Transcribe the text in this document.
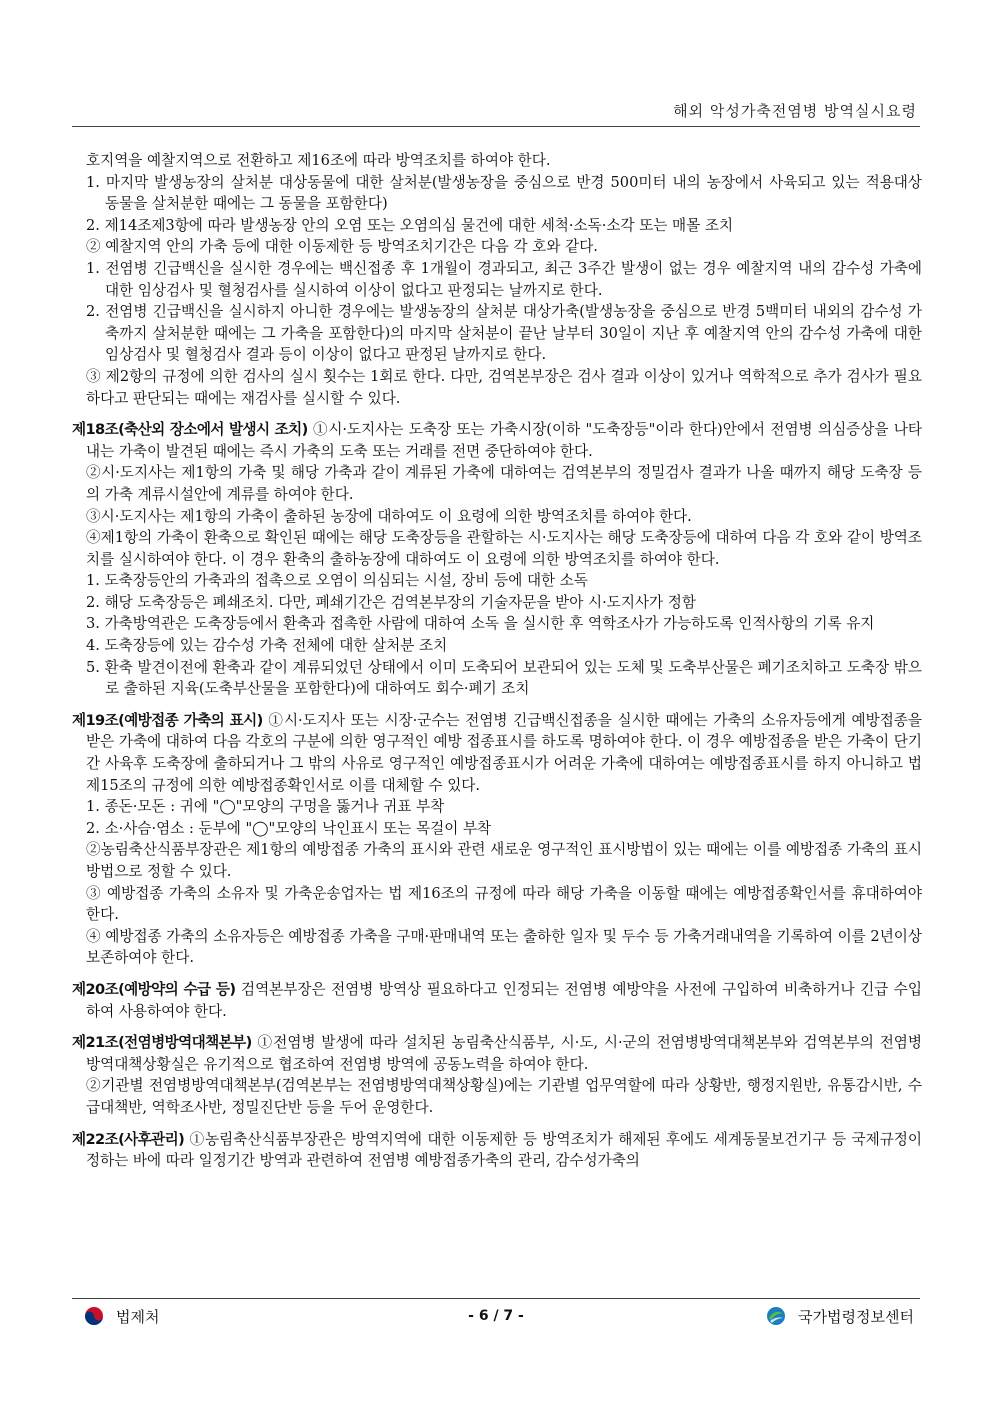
해외 악성가축전염병 방역실시요령
호지역을 예찰지역으로 전환하고 제16조에 따라 방역조치를 하여야 한다.
1. 마지막 발생농장의 살처분 대상동물에 대한 살처분(발생농장을 중심으로 반경 500미터 내의 농장에서 사육되고 있는 적용대상 동물을 살처분한 때에는 그 동물을 포함한다)
2. 제14조제3항에 따라 발생농장 안의 오염 또는 오염의심 물건에 대한 세척·소독·소각 또는 매몰 조치
② 예찰지역 안의 가축 등에 대한 이동제한 등 방역조치기간은 다음 각 호와 같다.
1. 전염병 긴급백신을 실시한 경우에는 백신접종 후 1개월이 경과되고, 최근 3주간 발생이 없는 경우 예찰지역 내의 감수성 가축에 대한 임상검사 및 혈청검사를 실시하여 이상이 없다고 판정되는 날까지로 한다.
2. 전염병 긴급백신을 실시하지 아니한 경우에는 발생농장의 살처분 대상가축(발생농장을 중심으로 반경 5백미터 내외의 감수성 가축까지 살처분한 때에는 그 가축을 포함한다)의 마지막 살처분이 끝난 날부터 30일이 지난 후 예찰지역 안의 감수성 가축에 대한 임상검사 및 혈청검사 결과 등이 이상이 없다고 판정된 날까지로 한다.
③ 제2항의 규정에 의한 검사의 실시 횟수는 1회로 한다. 다만, 검역본부장은 검사 결과 이상이 있거나 역학적으로 추가 검사가 필요하다고 판단되는 때에는 재검사를 실시할 수 있다.
제18조(축산외 장소에서 발생시 조치) ①시·도지사는 도축장 또는 가축시장(이하 "도축장등"이라 한다)안에서 전염병 의심증상을 나타내는 가축이 발견된 때에는 즉시 가축의 도축 또는 거래를 전면 중단하여야 한다.
②시·도지사는 제1항의 가축 및 해당 가축과 같이 계류된 가축에 대하여는 검역본부의 정밀검사 결과가 나올 때까지 해당 도축장 등의 가축 계류시설안에 계류를 하여야 한다.
③시·도지사는 제1항의 가축이 출하된 농장에 대하여도 이 요령에 의한 방역조치를 하여야 한다.
④제1항의 가축이 환축으로 확인된 때에는 해당 도축장등을 관할하는 시·도지사는 해당 도축장등에 대하여 다음 각 호와 같이 방역조치를 실시하여야 한다. 이 경우 환축의 출하농장에 대하여도 이 요령에 의한 방역조치를 하여야 한다.
1. 도축장등안의 가축과의 접촉으로 오염이 의심되는 시설, 장비 등에 대한 소독
2. 해당 도축장등은 폐쇄조치. 다만, 폐쇄기간은 검역본부장의 기술자문을 받아 시·도지사가 정함
3. 가축방역관은 도축장등에서 환축과 접촉한 사람에 대하여 소독 을 실시한 후 역학조사가 가능하도록 인적사항의 기록 유지
4. 도축장등에 있는 감수성 가축 전체에 대한 살처분 조치
5. 환축 발견이전에 환축과 같이 계류되었던 상태에서 이미 도축되어 보관되어 있는 도체 및 도축부산물은 폐기조치하고 도축장 밖으로 출하된 지육(도축부산물을 포함한다)에 대하여도 회수·폐기 조치
제19조(예방접종 가축의 표시) ①시·도지사 또는 시장·군수는 전염병 긴급백신접종을 실시한 때에는 가축의 소유자등에게 예방접종을 받은 가축에 대하여 다음 각호의 구분에 의한 영구적인 예방 접종표시를 하도록 명하여야 한다. 이 경우 예방접종을 받은 가축이 단기간 사육후 도축장에 출하되거나 그 밖의 사유로 영구적인 예방접종표시가 어려운 가축에 대하여는 예방접종표시를 하지 아니하고 법 제15조의 규정에 의한 예방접종확인서로 이를 대체할 수 있다.
1. 종돈·모돈 : 귀에 "◯"모양의 구멍을 뚫거나 귀표 부착
2. 소·사슴·염소 : 둔부에 "◯"모양의 낙인표시 또는 목걸이 부착
②농림축산식품부장관은 제1항의 예방접종 가축의 표시와 관련 새로운 영구적인 표시방법이 있는 때에는 이를 예방접종 가축의 표시방법으로 정할 수 있다.
③ 예방접종 가축의 소유자 및 가축운송업자는 법 제16조의 규정에 따라 해당 가축을 이동할 때에는 예방접종확인서를 휴대하여야 한다.
④ 예방접종 가축의 소유자등은 예방접종 가축을 구매·판매내역 또는 출하한 일자 및 두수 등 가축거래내역을 기록하여 이를 2년이상 보존하여야 한다.
제20조(예방약의 수급 등) 검역본부장은 전염병 방역상 필요하다고 인정되는 전염병 예방약을 사전에 구입하여 비축하거나 긴급 수입하여 사용하여야 한다.
제21조(전염병방역대책본부) ①전염병 발생에 따라 설치된 농림축산식품부, 시·도, 시·군의 전염병방역대책본부와 검역본부의 전염병방역대책상황실은 유기적으로 협조하여 전염병 방역에 공동노력을 하여야 한다.
②기관별 전염병방역대책본부(검역본부는 전염병방역대책상황실)에는 기관별 업무역할에 따라 상황반, 행정지원반, 유통감시반, 수급대책반, 역학조사반, 정밀진단반 등을 두어 운영한다.
제22조(사후관리) ①농림축산식품부장관은 방역지역에 대한 이동제한 등 방역조치가 해제된 후에도 세계동물보건기구 등 국제규정이 정하는 바에 따라 일정기간 방역과 관련하여 전염병 예방접종가축의 관리, 감수성가축의
법제처	- 6 / 7 -	국가법령정보센터
